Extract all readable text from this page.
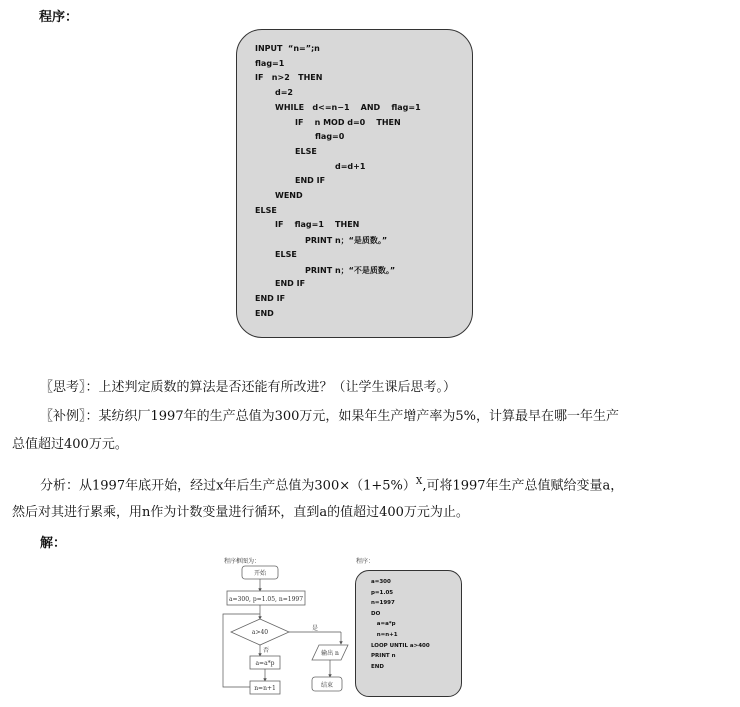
程序：
INPUT  “n=”;n
flag=1
IF   n>2   THEN
d=2
WHILE   d<=n−1    AND    flag=1
IF    n MOD d=0    THEN
flag=0
ELSE
d=d+1
END IF
WEND
ELSE
IF    flag=1    THEN
PRINT n；“是质数。”
ELSE
PRINT n；“不是质数。”
END IF
END IF
END
〖思考〗：上述判定质数的算法是否还能有所改进？（让学生课后思考。）
〖补例〗：某纺织厂1997年的生产总值为300万元，如果年生产增产率为5%，计算最早在哪一年生产
总值超过400万元。
分析：从1997年底开始，经过x年后生产总值为$300\times(1+5\%)^X$,可将1997年生产总值赋给变量a，
然后对其进行累乘，用n作为计数变量进行循环，直到a的值超过400万元为止。
解：
程序框图为：
开始
a=300, p=1.05, n=1997
a>40
是
输出 n
结束
否
a=a*p
n=n+1
程序：
a=300
p=1.05
n=1997
DO
a=a*p
n=n+1
LOOP UNTIL a>400
PRINT n
END
